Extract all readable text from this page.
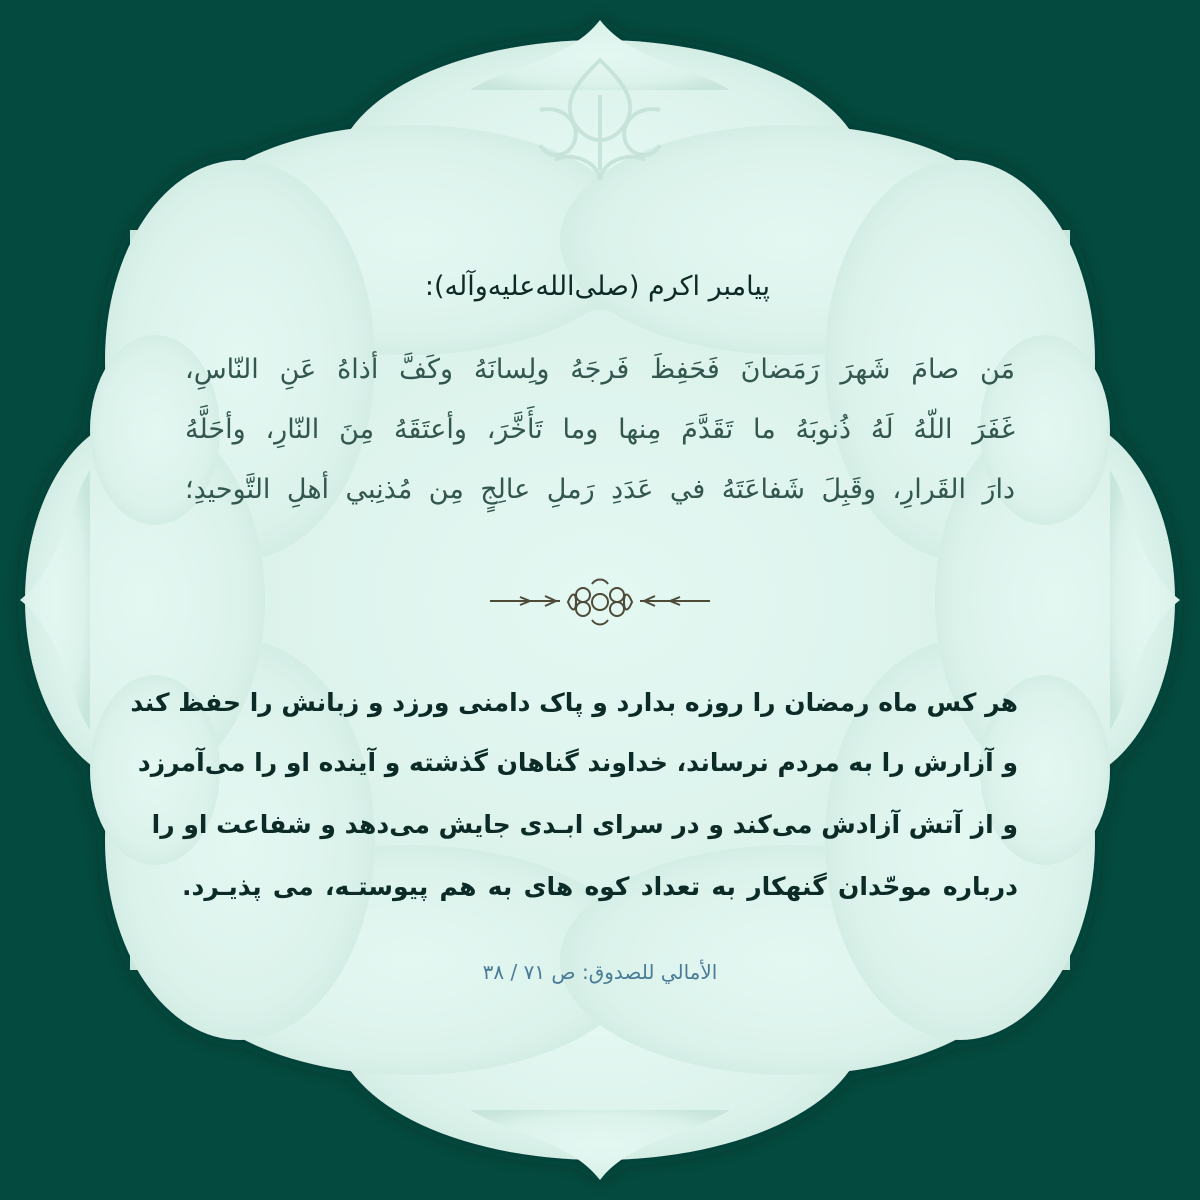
پیامبر اکرم (صلی‌الله‌علیه‌وآله):

مَن صامَ شَهرَ رَمَضانَ فَحَفِظَ فَرجَهُ ولِسانَهُ وكَفَّ أذاهُ عَنِ النّاسِ،

غَفَرَ اللّهُ لَهُ ذُنوبَهُ ما تَقَدَّمَ مِنها وما تَأَخَّرَ، وأعتَقَهُ مِنَ النّارِ، وأحَلَّهُ

دارَ القَرارِ، وقَبِلَ شَفاعَتَهُ في عَدَدِ رَملِ عالِجٍ مِن مُذنِبي أهلِ التَّوحيدِ؛

هر کس ماه رمضان را روزه بدارد و پاک دامنی ورزد و زبانش را حفظ کند

و آزارش را به مردم نرساند، خداوند گناهان گذشته و آینده او را می‌آمرزد

و از آتش آزادش می‌کند و در سرای ابـدی جایش می‌دهد و شفاعت او را

درباره موحّدان گنهکار به تعداد کوه های به هم پیوستـه، می پذیـرد.

الأمالي للصدوق: ص ۷۱ / ۳۸
